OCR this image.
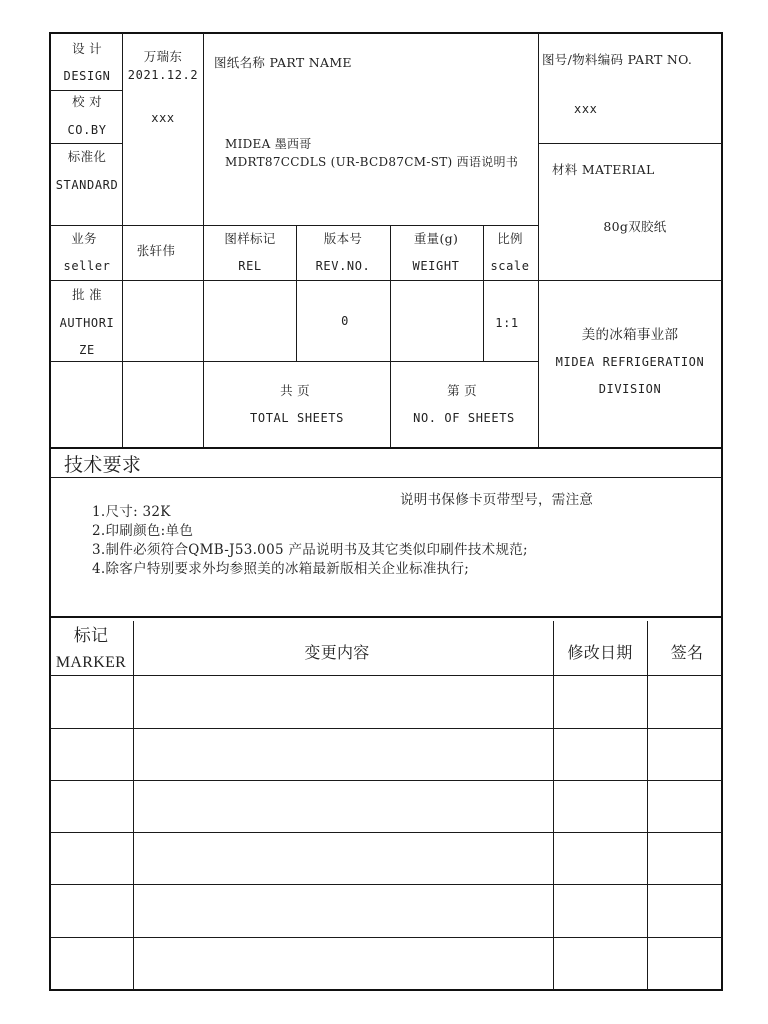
设 计
DESIGN
万瑞东
2021.12.2
校 对
CO.BY
xxx
标准化
STANDARD
业务
seller
张轩伟
批 准
AUTHORI
ZE
图纸名称 PART NAME
MIDEA 墨西哥
MDRT87CCDLS (UR-BCD87CM-ST) 西语说明书
图号/物料编码 PART NO.
xxx
材料 MATERIAL
80g双胶纸
图样标记
REL
版本号
REV.NO.
0
重量(g)
WEIGHT
比例
scale
1:1
共 页
TOTAL SHEETS
第 页
NO. OF SHEETS
美的冰箱事业部
MIDEA REFRIGERATION
DIVISION
技术要求
说明书保修卡页带型号，需注意
1.尺寸: 32K
2.印刷颜色:单色
3.制件必须符合QMB-J53.005 产品说明书及其它类似印刷件技术规范;
4.除客户特别要求外均参照美的冰箱最新版相关企业标准执行;
标记
MARKER
变更内容	修改日期 签名
